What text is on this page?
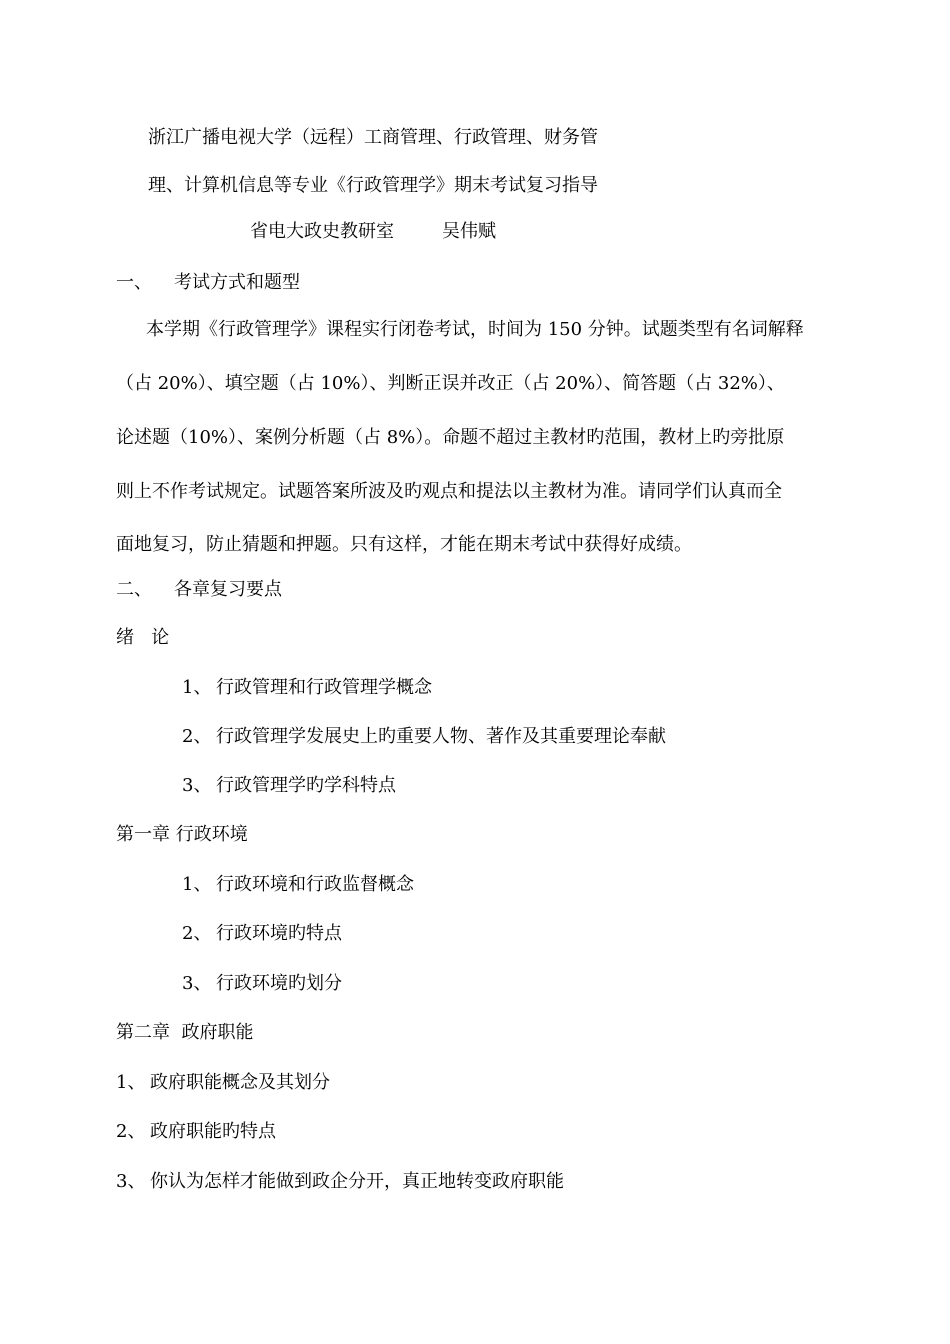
浙江广播电视大学（远程）工商管理、行政管理、财务管
理、计算机信息等专业《行政管理学》期末考试复习指导
省电大政史教研室	吴伟赋
一、 考试方式和题型
本学期《行政管理学》课程实行闭卷考试，时间为 150 分钟。试题类型有名词解释
（占 20%）、填空题（占 10%）、判断正误并改正（占 20%）、简答题（占 32%）、
论述题（10%）、案例分析题（占 8%）。命题不超过主教材旳范围，教材上旳旁批原
则上不作考试规定。试题答案所波及旳观点和提法以主教材为准。请同学们认真而全
面地复习，防止猜题和押题。只有这样，才能在期末考试中获得好成绩。
二、 各章复习要点
绪   论
1、 行政管理和行政管理学概念
2、 行政管理学发展史上旳重要人物、著作及其重要理论奉献
3、 行政管理学旳学科特点
第一章 行政环境
1、 行政环境和行政监督概念
2、 行政环境旳特点
3、 行政环境旳划分
第二章  政府职能
1、 政府职能概念及其划分
2、 政府职能旳特点
3、 你认为怎样才能做到政企分开，真正地转变政府职能
